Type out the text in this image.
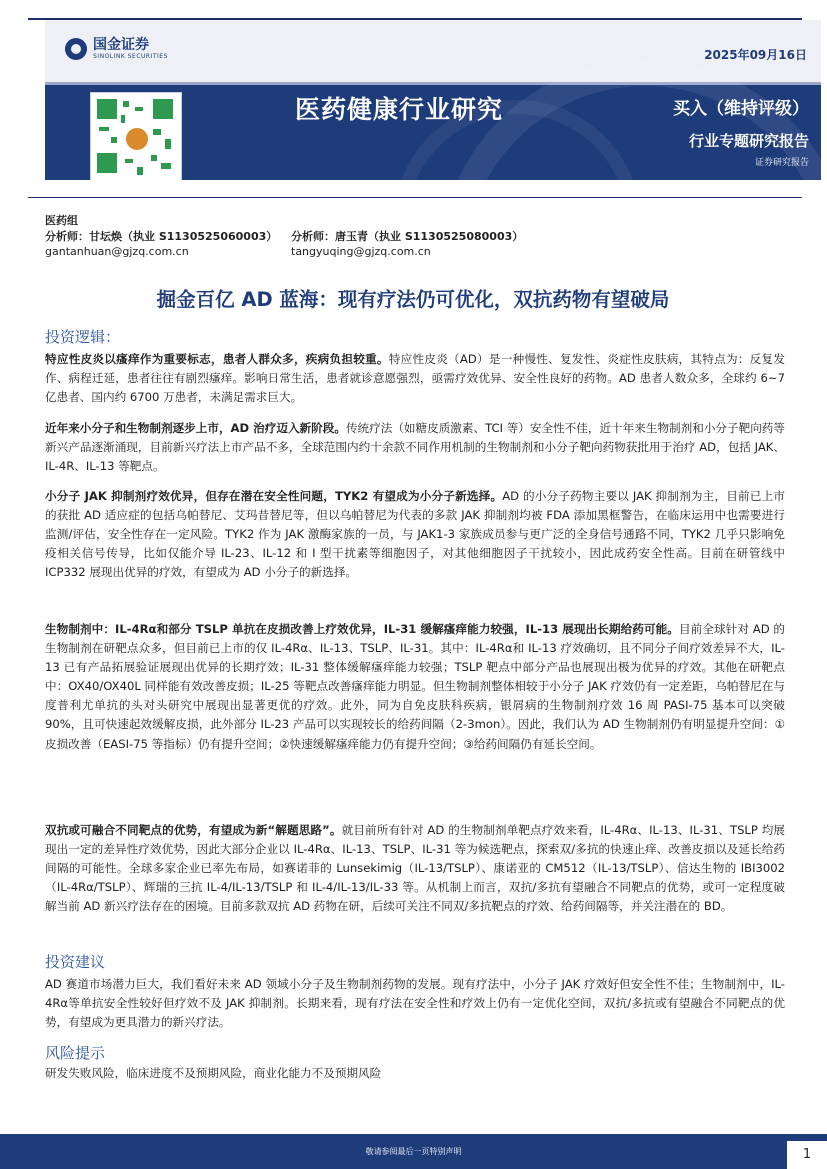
国金证券
SINOLINK SECURITIES	2025年09月16日
医药健康行业研究	买入（维持评级）
行业专题研究报告
证券研究报告
医药组
分析师：甘坛焕（执业 S1130525060003） 分析师：唐玉青（执业 S1130525080003）
gantanhuan@gjzq.com.cn	tangyuqing@gjzq.com.cn
掘金百亿 AD 蓝海：现有疗法仍可优化，双抗药物有望破局
投资逻辑：

特应性皮炎以瘙痒作为重要标志，患者人群众多，疾病负担较重。特应性皮炎（AD）是一种慢性、复发性、炎症性皮肤病，其特点为：反复发作、病程迁延，患者往往有剧烈瘙痒。影响日常生活，患者就诊意愿强烈，亟需疗效优异、安全性良好的药物。AD 患者人数众多，全球约 6~7 亿患者、国内约 6700 万患者，未满足需求巨大。

近年来小分子和生物制剂逐步上市，AD 治疗迈入新阶段。传统疗法（如糖皮质激素、TCI 等）安全性不佳，近十年来生物制剂和小分子靶向药等新兴产品逐渐涌现，目前新兴疗法上市产品不多，全球范围内约十余款不同作用机制的生物制剂和小分子靶向药物获批用于治疗 AD，包括 JAK、IL-4R、IL-13 等靶点。

小分子 JAK 抑制剂疗效优异，但存在潜在安全性问题，TYK2 有望成为小分子新选择。AD 的小分子药物主要以 JAK 抑制剂为主，目前已上市的获批 AD 适应症的包括乌帕替尼、艾玛昔替尼等，但以乌帕替尼为代表的多款 JAK 抑制剂均被 FDA 添加黑框警告，在临床运用中也需要进行监测/评估，安全性存在一定风险。TYK2 作为 JAK 激酶家族的一员，与 JAK1-3 家族成员参与更广泛的全身信号通路不同，TYK2 几乎只影响免疫相关信号传导，比如仅能介导 IL-23、IL-12 和 I 型干扰素等细胞因子，对其他细胞因子干扰较小，因此成药安全性高。目前在研管线中 ICP332 展现出优异的疗效，有望成为 AD 小分子的新选择。

生物制剂中：IL-4Rα和部分 TSLP 单抗在皮损改善上疗效优异，IL-31 缓解瘙痒能力较强，IL-13 展现出长期给药可能。目前全球针对 AD 的生物制剂在研靶点众多，但目前已上市的仅 IL-4Rα、IL-13、TSLP、IL-31。其中：IL-4Rα和 IL-13 疗效确切，且不同分子间疗效差异不大，IL-13 已有产品拓展验证展现出优异的长期疗效；IL-31 整体缓解瘙痒能力较强；TSLP 靶点中部分产品也展现出极为优异的疗效。其他在研靶点中：OX40/OX40L 同样能有效改善皮损；IL-25 等靶点改善瘙痒能力明显。但生物制剂整体相较于小分子 JAK 疗效仍有一定差距，乌帕替尼在与度普利尤单抗的头对头研究中展现出显著更优的疗效。此外，同为自免皮肤科疾病，银屑病的生物制剂疗效 16 周 PASI-75 基本可以突破 90%，且可快速起效缓解皮损，此外部分 IL-23 产品可以实现较长的给药间隔（2-3mon）。因此，我们认为 AD 生物制剂仍有明显提升空间：①皮损改善（EASI-75 等指标）仍有提升空间；②快速缓解瘙痒能力仍有提升空间；③给药间隔仍有延长空间。

双抗或可融合不同靶点的优势，有望成为新“解题思路”。就目前所有针对 AD 的生物制剂单靶点疗效来看，IL-4Rα、IL-13、IL-31、TSLP 均展现出一定的差异性疗效优势，因此大部分企业以 IL-4Rα、IL-13、TSLP、IL-31 等为候选靶点，探索双/多抗的快速止痒、改善皮损以及延长给药间隔的可能性。全球多家企业已率先布局，如赛诺菲的 Lunsekimig（IL-13/TSLP）、康诺亚的 CM512（IL-13/TSLP）、信达生物的 IBI3002（IL-4Rα/TSLP）、辉瑞的三抗 IL-4/IL-13/TSLP 和 IL-4/IL-13/IL-33 等。从机制上而言，双抗/多抗有望融合不同靶点的优势，或可一定程度破解当前 AD 新兴疗法存在的困境。目前多款双抗 AD 药物在研，后续可关注不同双/多抗靶点的疗效、给药间隔等，并关注潜在的 BD。

投资建议

AD 赛道市场潜力巨大，我们看好未来 AD 领域小分子及生物制剂药物的发展。现有疗法中，小分子 JAK 疗效好但安全性不佳；生物制剂中，IL-4Rα等单抗安全性较好但疗效不及 JAK 抑制剂。长期来看，现有疗法在安全性和疗效上仍有一定优化空间，双抗/多抗或有望融合不同靶点的优势，有望成为更具潜力的新兴疗法。

风险提示

研发失败风险，临床进度不及预期风险，商业化能力不及预期风险

敬请参阅最后一页特别声明	1
